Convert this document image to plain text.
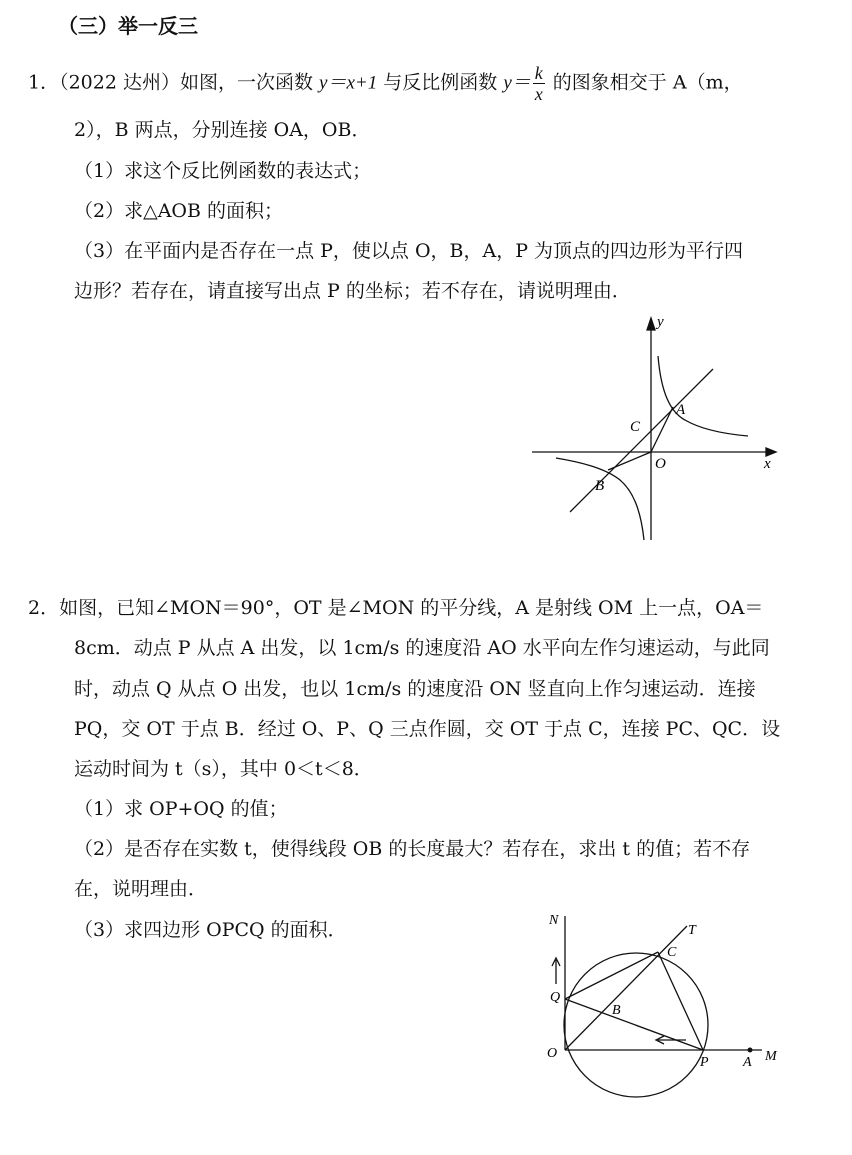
（三）举一反三
1．（2022 达州）如图，一次函数 y＝x+1 与反比例函数 $y= \frac{k}{x}$ 的图象相交于 A（m，
2），B 两点，分别连接 OA，OB．
（1）求这个反比例函数的表达式；
（2）求△AOB 的面积；
（3）在平面内是否存在一点 P，使以点 O，B，A，P 为顶点的四边形为平行四
边形？若存在，请直接写出点 P 的坐标；若不存在，请说明理由．
y
x
A
C
O
B
2．如图，已知∠MON＝90°，OT 是∠MON 的平分线，A 是射线 OM 上一点，OA＝
8cm．动点 P 从点 A 出发，以 1cm/s 的速度沿 AO 水平向左作匀速运动，与此同
时，动点 Q 从点 O 出发，也以 1cm/s 的速度沿 ON 竖直向上作匀速运动．连接
PQ，交 OT 于点 B．经过 O、P、Q 三点作圆，交 OT 于点 C，连接 PC、QC．设
运动时间为 t（s），其中 0＜t＜8．
（1）求 OP+OQ 的值；
（2）是否存在实数 t，使得线段 OB 的长度最大？若存在，求出 t 的值；若不存
在，说明理由．
（3）求四边形 OPCQ 的面积．	N
T
C
Q
B
O
P A M
